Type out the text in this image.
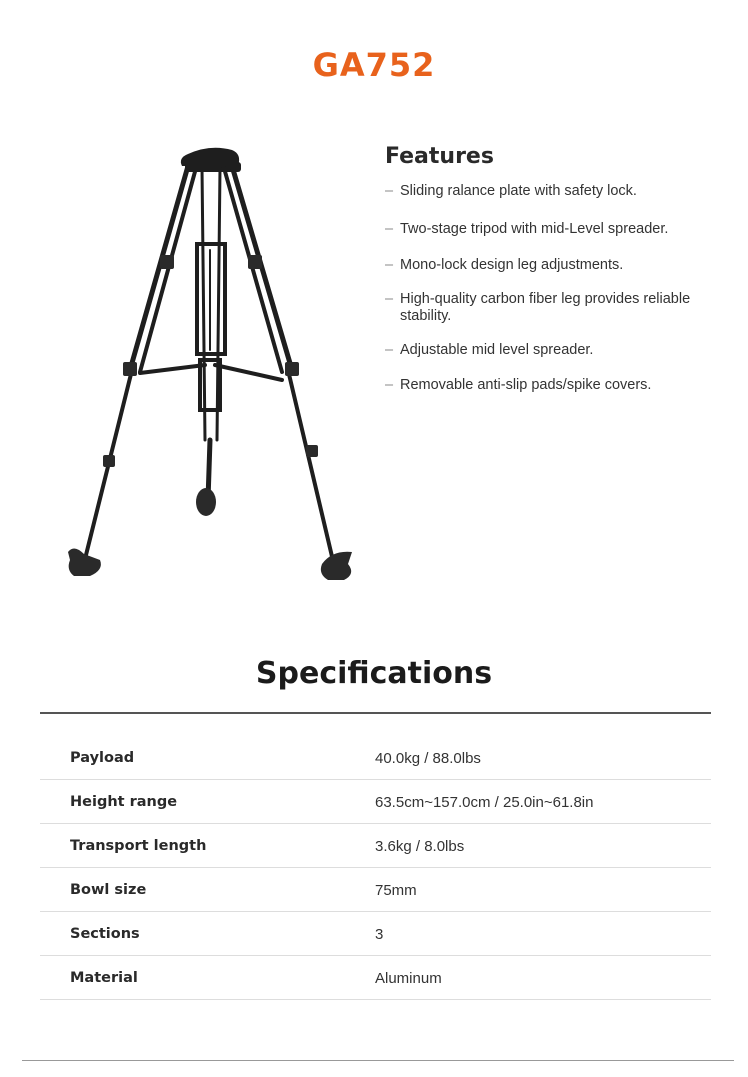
GA752
Features
– Sliding ralance plate with safety lock.
– Two-stage tripod with mid-Level spreader.
– Mono-lock design leg adjustments.
– High-quality carbon fiber leg provides reliable stability.
– Adjustable mid level spreader.
– Removable anti-slip pads/spike covers.
Specifications
Payload	40.0kg / 88.0lbs
Height range	63.5cm~157.0cm / 25.0in~61.8in
Transport length	3.6kg / 8.0lbs
Bowl size	75mm
Sections	3
Material	Aluminum
